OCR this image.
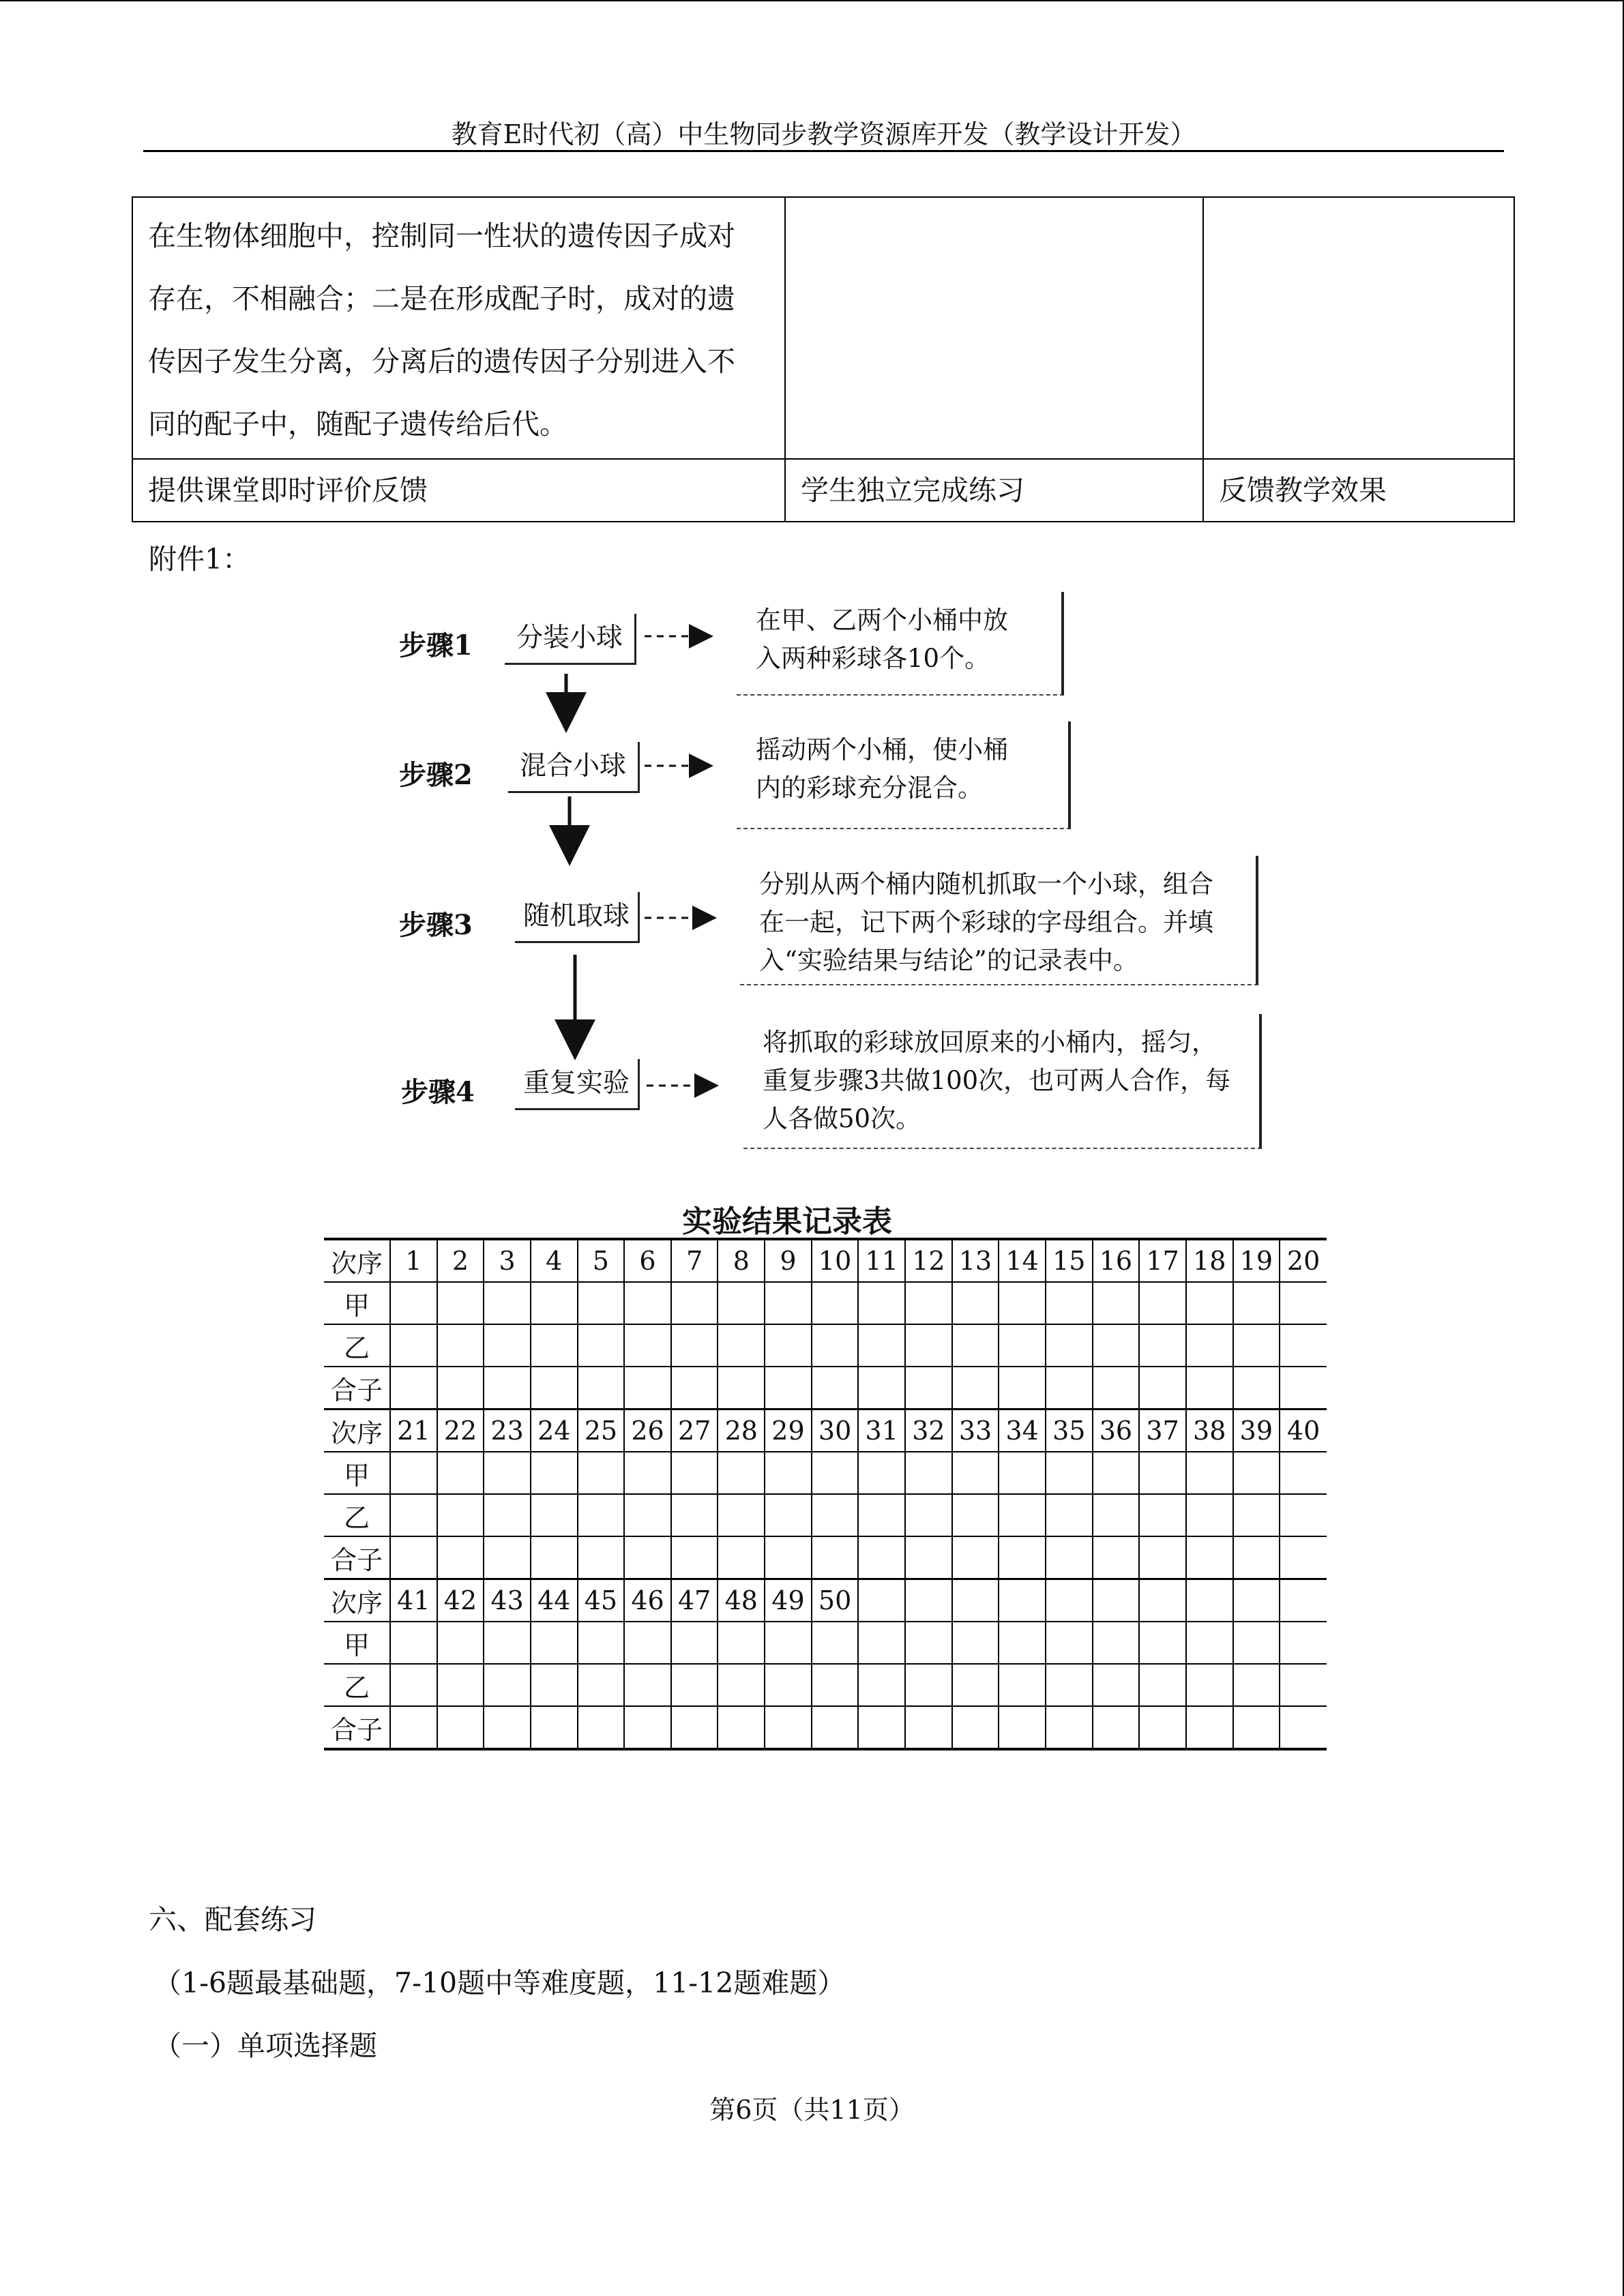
教育E时代初（高）中生物同步教学资源库开发（教学设计开发）
在生物体细胞中，控制同一性状的遗传因子成对
存在，不相融合；二是在形成配子时，成对的遗
传因子发生分离，分离后的遗传因子分别进入不
同的配子中，随配子遗传给后代。		
提供课堂即时评价反馈	学生独立完成练习	反馈教学效果
附件1：
步骤1	分装小球
在甲、乙两个小桶中放
入两种彩球各10个。
步骤2	混合小球
摇动两个小桶，使小桶
内的彩球充分混合。
步骤3	随机取球
分别从两个桶内随机抓取一个小球，组合
在一起，记下两个彩球的字母组合。并填
入“实验结果与结论”的记录表中。
步骤4	重复实验
将抓取的彩球放回原来的小桶内，摇匀，
重复步骤3共做100次，也可两人合作，每
人各做50次。
实验结果记录表
次序	1	2	3	4	5	6	7	8	9	10	11	12	13	14	15	16	17	18	19	20
甲																				
乙																				
合子																				
次序	21	22	23	24	25	26	27	28	29	30	31	32	33	34	35	36	37	38	39	40
甲																				
乙																				
合子																				
次序	41	42	43	44	45	46	47	48	49	50										
甲																				
乙																				
合子																				
六、配套练习
（1-6题最基础题，7-10题中等难度题，11-12题难题）
（一）单项选择题
第6页（共11页）
